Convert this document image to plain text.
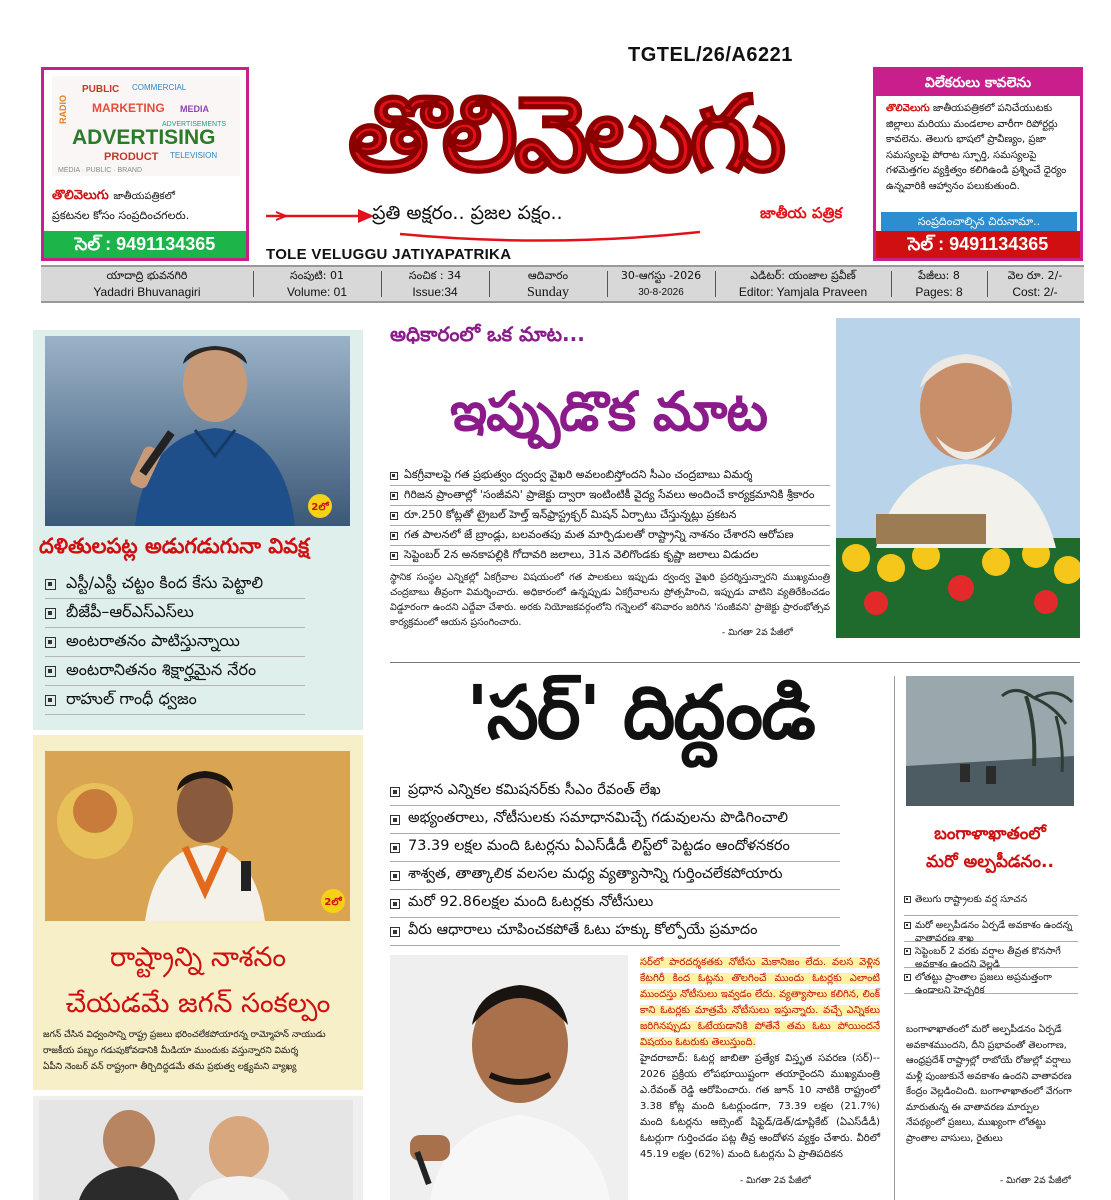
TGTEL/26/A6221
PUBLIC COMMERCIAL
RADIO MARKETING MEDIA
ADVERTISING
PRODUCT TELEVISION
ADVERTISEMENTS
MEDIA · PUBLIC · BRAND
తొలివెలుగు జాతీయపత్రికలో
ప్రకటనల కోసం సంప్రదించగలరు.
సెల్ : 9491134365
తొలివెలుగు
ప్రతి అక్షరం.. ప్రజల పక్షం..	జాతీయ పత్రిక
TOLE VELUGGU JATIYAPATRIKA
విలేకరులు కావలెను
తొలివెలుగు జాతీయపత్రికలో పనిచేయుటకు జిల్లాలు మరియు మండలాల వారీగా రిపోర్టర్లు కావలెను. తెలుగు భాషలో ప్రావీణ్యం, ప్రజా సమస్యలపై పోరాట స్ఫూర్తి, సమస్యలపై గళమెత్తగల వ్యక్తిత్వం కలిగిఉండి ప్రశ్నించే ధైర్యం ఉన్నవారికి ఆహ్వానం పలుకుతుంది.
సంప్రదించాల్సిన చిరునామా..
సెల్ : 9491134365
యాదాద్రి భువనగిరి
Yadadri Bhuvanagiri
సంపుటి: 01
Volume: 01
సంచిక : 34
Issue:34
ఆదివారం
Sunday
30-ఆగస్టు -2026
30-8-2026
ఎడిటర్: యంజాల ప్రవీణ్
Editor: Yamjala Praveen
పేజీలు: 8
Pages: 8
వెల రూ. 2/-
Cost: 2/-
2లో
దళితులపట్ల అడుగడుగునా వివక్ష
ఎస్టీ/ఎస్టీ చట్టం కింద కేసు పెట్టాలి
బీజేపీ–ఆర్ఎస్ఎస్‌లు
అంటరాతనం పాటిస్తున్నాయి
అంటరానితనం శిక్షార్హమైన నేరం
రాహుల్ గాంధీ ధ్వజం
2లో
రాష్ట్రాన్ని నాశనం
చేయడమే జగన్ సంకల్పం
జగన్ చేసిన విధ్వంసాన్ని రాష్ట్ర ప్రజలు భరించలేకపోయారన్న రామ్మోహన్ నాయుడు
రాజకీయ పబ్బం గడుపుకోవడానికి మీడియా ముందుకు వస్తున్నారని విమర్శ
ఏపీని నెంబర్ వన్ రాష్ట్రంగా తీర్చిదిద్దడమే తమ ప్రభుత్వ లక్ష్యమని వ్యాఖ్య
అధికారంలో ఒక మాట...
ఇప్పుడొక మాట
ఏకగ్రీవాలపై గత ప్రభుత్వం ద్వంద్వ వైఖరి అవలంబిస్తోందని సీఎం చంద్రబాబు విమర్శ
గిరిజన ప్రాంతాల్లో 'సంజీవని' ప్రాజెక్టు ద్వారా ఇంటింటికీ వైద్య సేవలు అందించే కార్యక్రమానికి శ్రీకారం
రూ.250 కోట్లతో ట్రైబల్ హెల్త్ ఇన్‌ఫ్రాస్ట్రక్చర్ మిషన్ ఏర్పాటు చేస్తున్నట్లు ప్రకటన
గత పాలనలో జే బ్రాండ్లు, బలవంతపు మత మార్పిడులతో రాష్ట్రాన్ని నాశనం చేశారని ఆరోపణ
సెప్టెంబర్ 2న అనకాపల్లికి గోదావరి జలాలు, 31న వెలిగొండకు కృష్ణా జలాలు విడుదల
స్థానిక సంస్థల ఎన్నికల్లో ఏకగ్రీవాల విషయంలో గత పాలకులు ఇప్పుడు ద్వంద్వ వైఖరి ప్రదర్శిస్తున్నారని ముఖ్యమంత్రి చంద్రబాబు తీవ్రంగా విమర్శించారు. అధికారంలో ఉన్నప్పుడు ఏకగ్రీవాలను ప్రోత్సహించి, ఇప్పుడు వాటిని వ్యతిరేకించడం విడ్డూరంగా ఉందని ఎద్దేవా చేశారు. అరకు నియోజకవర్గంలోని గన్నెలలో శనివారం జరిగిన 'సంజీవని' ప్రాజెక్టు ప్రారంభోత్సవ కార్యక్రమంలో ఆయన ప్రసంగించారు.
- మిగతా 2వ పేజీలో
'సర్' దిద్దండి
ప్రధాన ఎన్నికల కమిషనర్‌కు సీఎం రేవంత్ లేఖ
అభ్యంతరాలు, నోటీసులకు సమాధానమిచ్చే గడువులను పొడిగించాలి
73.39 లక్షల మంది ఓటర్లను ఏఎస్‌డీడీ లిస్ట్‌లో పెట్టడం ఆందోళనకరం
శాశ్వత, తాత్కాలిక వలసల మధ్య వ్యత్యాసాన్ని గుర్తించలేకపోయారు
మరో 92.86లక్షల మంది ఓటర్లకు నోటీసులు
వీరు ఆధారాలు చూపించకపోతే ఓటు హక్కు కోల్పోయే ప్రమాదం
సర్‌లో పారదర్శకతకు నోటీసు మెకానిజం లేదు. వలస వెళ్లిన కేటగిరీ కింద ఓట్లను తొలగించే ముందు ఓటర్లకు ఎలాంటి ముందస్తు నోటీసులు ఇవ్వడం లేదు. వ్యత్యాసాలు కలిగిన, లింక్ కాని ఓటర్లకు మాత్రమే నోటీసులు ఇస్తున్నారు. వచ్చే ఎన్నికలు జరిగినప్పుడు ఓటేయడానికి పోతేనే తమ ఓటు పోయిందనే విషయం ఓటరుకు తెలుస్తుంది.
హైదరాబాద్: ఓటర్ల జాబితా ప్రత్యేక విస్తృత సవరణ (సర్)-- 2026 ప్రక్రియ లోపభూయిష్టంగా తయారైందని ముఖ్యమంత్రి ఎ.రేవంత్ రెడ్డి ఆరోపించారు. గత జూన్ 10 నాటికి రాష్ట్రంలో 3.38 కోట్ల మంది ఓటర్లుండగా, 73.39 లక్షల (21.7%) మంది ఓటర్లను ఆబ్సెంట్ షిఫ్టెడ్/డెత్/డూప్లికేట్ (ఏఎస్‌డీడీ) ఓటర్లుగా గుర్తించడం పట్ల తీవ్ర ఆందోళన వ్యక్తం చేశారు. వీరిలో 45.19 లక్షల (62%) మంది ఓటర్లను ఏ ప్రాతిపదికన
- మిగతా 2వ పేజీలో
బంగాళాఖాతంలో
మరో అల్పపీడనం..
తెలుగు రాష్ట్రాలకు వర్ష సూచన
మరో అల్పపీడనం ఏర్పడే అవకాశం ఉందన్న వాతావరణ శాఖ
సెప్టెంబర్ 2 వరకు వర్షాల తీవ్రత కొనసాగే అవకాశం ఉందని వెల్లడి
లోతట్టు ప్రాంతాల ప్రజలు అప్రమత్తంగా ఉండాలని హెచ్చరిక
బంగాళాఖాతంలో మరో అల్పపీడనం ఏర్పడే అవకాశముందని, దీని ప్రభావంతో తెలంగాణ, ఆంధ్రప్రదేశ్ రాష్ట్రాల్లో రాబోయే రోజుల్లో వర్షాలు మళ్లీ పుంజుకునే అవకాశం ఉందని వాతావరణ కేంద్రం వెల్లడించింది. బంగాళాఖాతంలో వేగంగా మారుతున్న ఈ వాతావరణ మార్పుల నేపథ్యంలో ప్రజలు, ముఖ్యంగా లోతట్టు ప్రాంతాల వాసులు, రైతులు
- మిగతా 2వ పేజీలో
